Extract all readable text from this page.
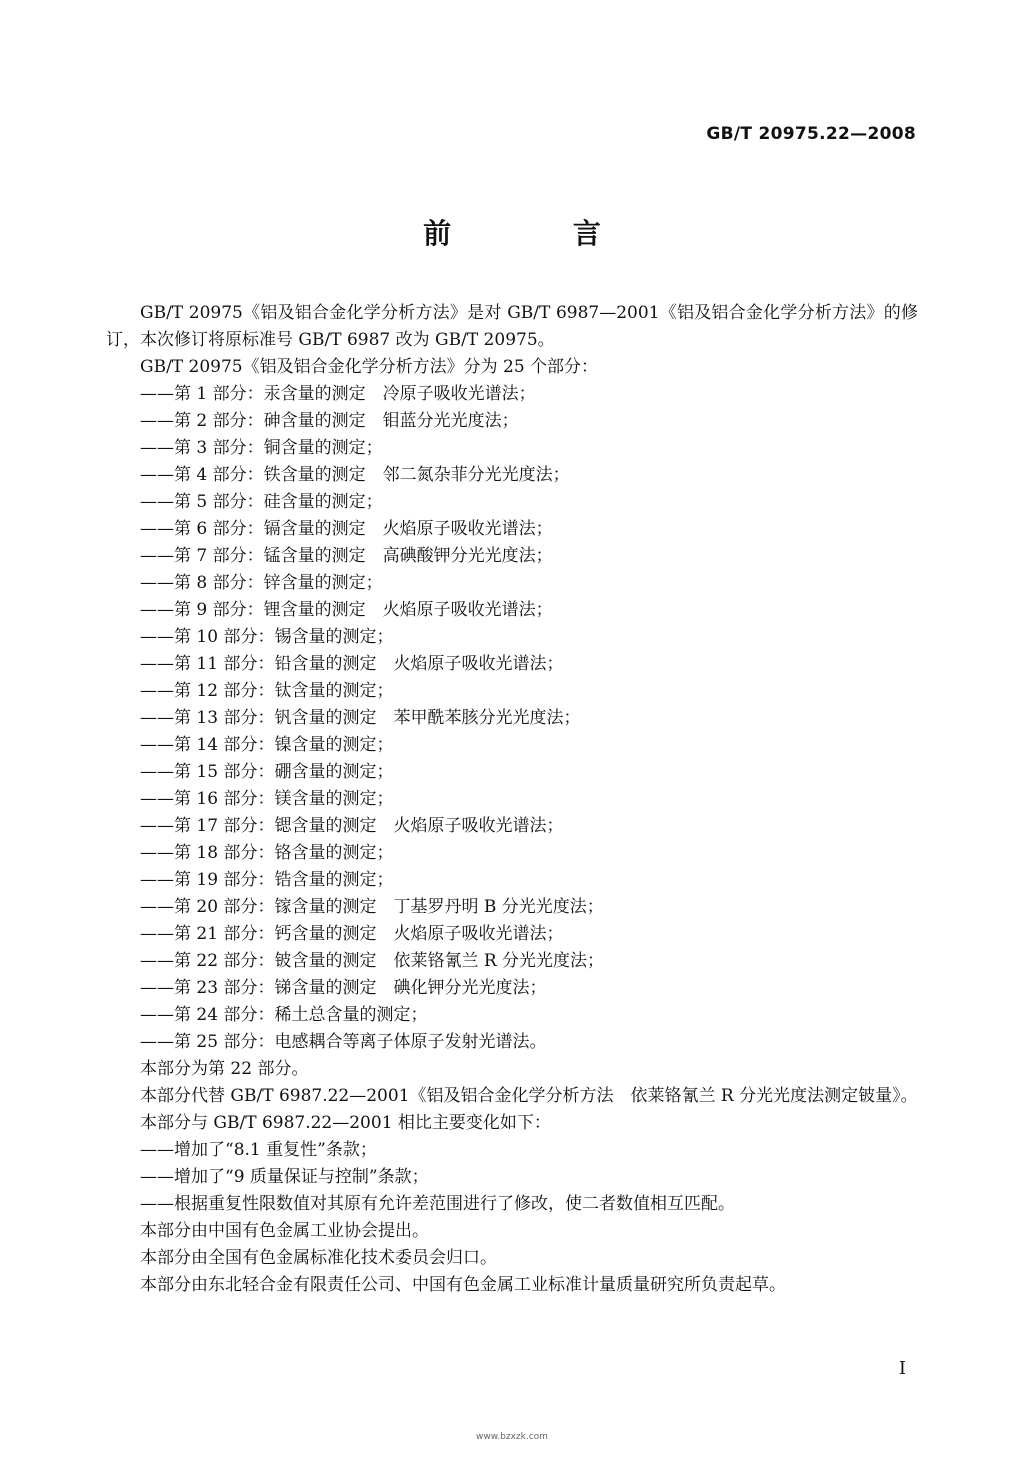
GB/T 20975.22—2008
前 言

GB/T 20975《铝及铝合金化学分析方法》是对 GB/T 6987—2001《铝及铝合金化学分析方法》的修订，本次修订将原标准号 GB/T 6987 改为 GB/T 20975。

GB/T 20975《铝及铝合金化学分析方法》分为 25 个部分：

——第 1 部分：汞含量的测定　冷原子吸收光谱法；
——第 2 部分：砷含量的测定　钼蓝分光光度法；
——第 3 部分：铜含量的测定；
——第 4 部分：铁含量的测定　邻二氮杂菲分光光度法；
——第 5 部分：硅含量的测定；
——第 6 部分：镉含量的测定　火焰原子吸收光谱法；
——第 7 部分：锰含量的测定　高碘酸钾分光光度法；
——第 8 部分：锌含量的测定；
——第 9 部分：锂含量的测定　火焰原子吸收光谱法；
——第 10 部分：锡含量的测定；
——第 11 部分：铅含量的测定　火焰原子吸收光谱法；
——第 12 部分：钛含量的测定；
——第 13 部分：钒含量的测定　苯甲酰苯胲分光光度法；
——第 14 部分：镍含量的测定；
——第 15 部分：硼含量的测定；
——第 16 部分：镁含量的测定；
——第 17 部分：锶含量的测定　火焰原子吸收光谱法；
——第 18 部分：铬含量的测定；
——第 19 部分：锆含量的测定；
——第 20 部分：镓含量的测定　丁基罗丹明 B 分光光度法；
——第 21 部分：钙含量的测定　火焰原子吸收光谱法；
——第 22 部分：铍含量的测定　依莱铬氰兰 R 分光光度法；
——第 23 部分：锑含量的测定　碘化钾分光光度法；
——第 24 部分：稀土总含量的测定；
——第 25 部分：电感耦合等离子体原子发射光谱法。

本部分为第 22 部分。

本部分代替 GB/T 6987.22—2001《铝及铝合金化学分析方法　依莱铬氰兰 R 分光光度法测定铍量》。

本部分与 GB/T 6987.22—2001 相比主要变化如下：

——增加了“8.1 重复性”条款；
——增加了“9 质量保证与控制”条款；
——根据重复性限数值对其原有允许差范围进行了修改，使二者数值相互匹配。

本部分由中国有色金属工业协会提出。

本部分由全国有色金属标准化技术委员会归口。

本部分由东北轻合金有限责任公司、中国有色金属工业标准计量质量研究所负责起草。

I
www.bzxzk.com
